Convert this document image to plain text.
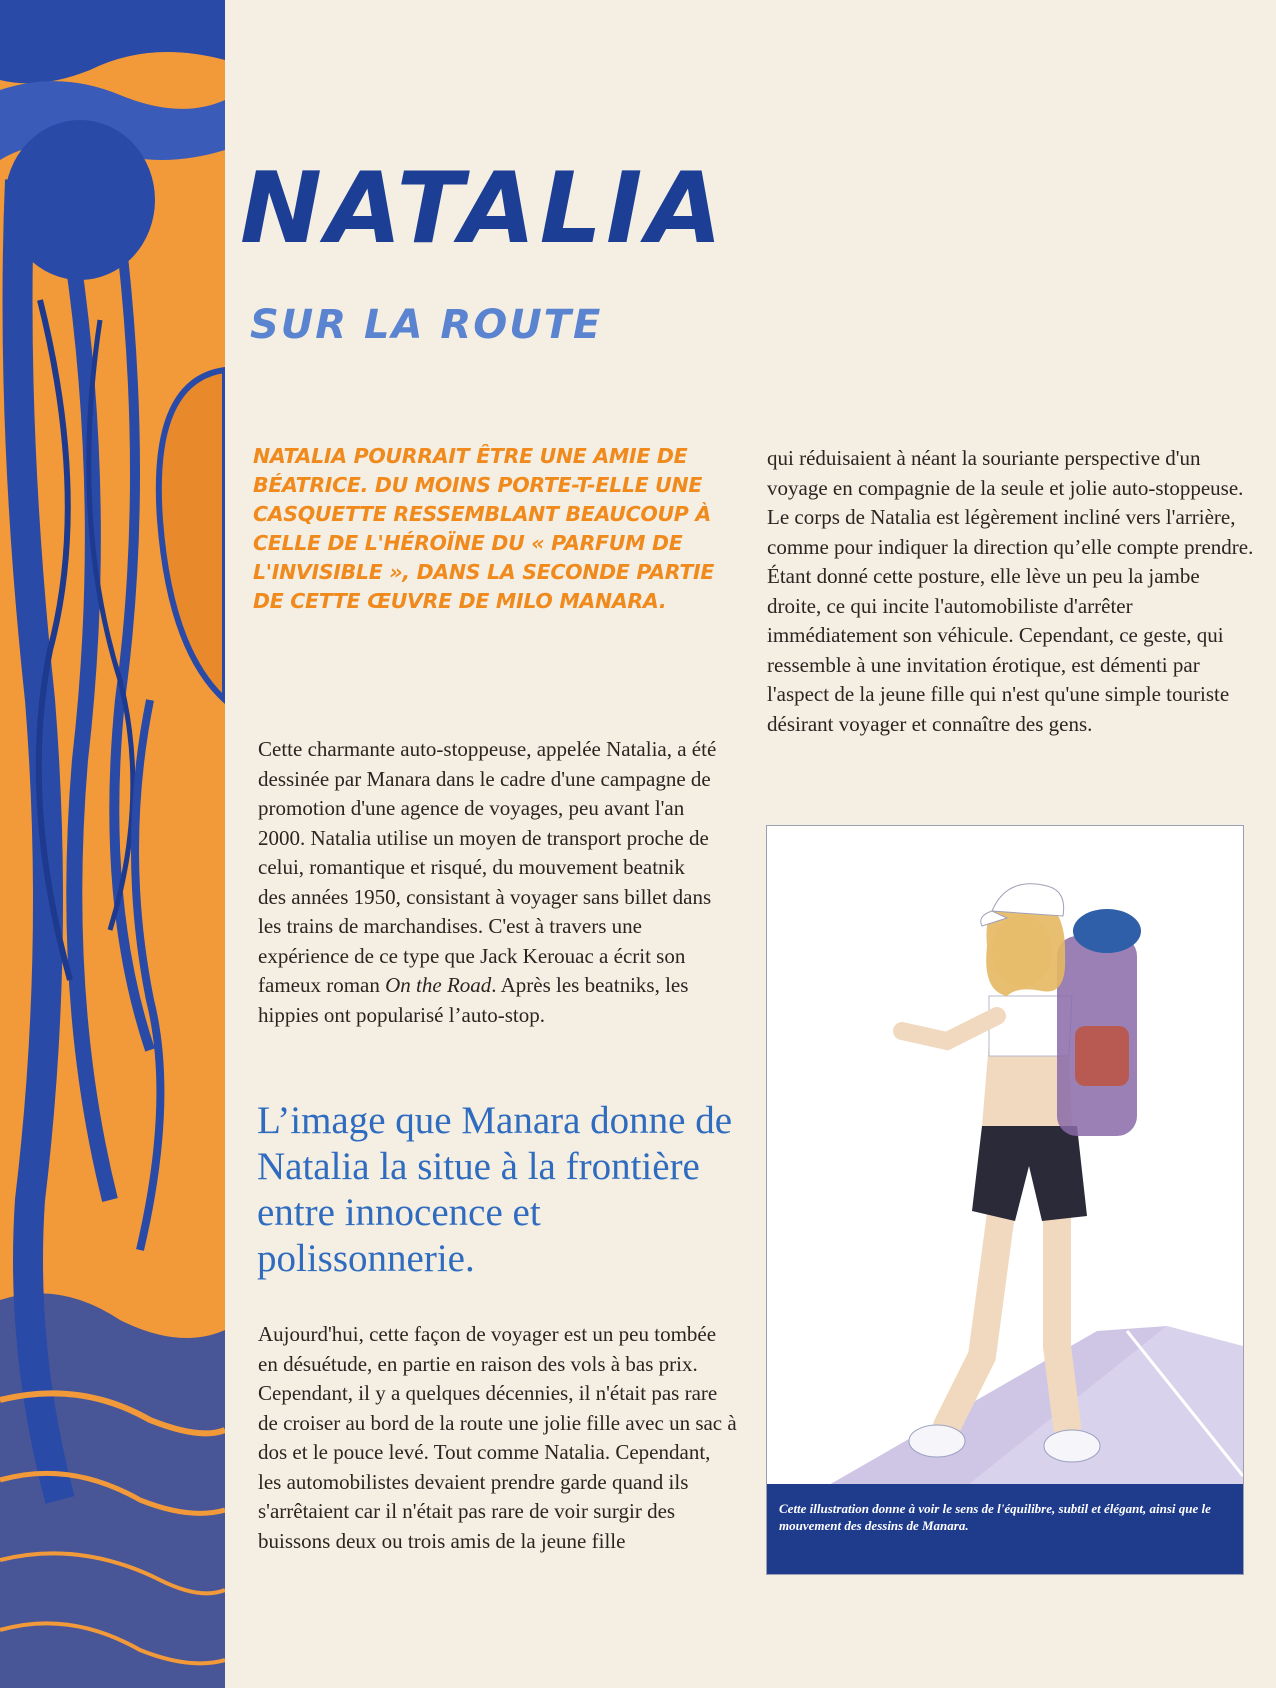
NATALIA
SUR LA ROUTE
NATALIA POURRAIT ÊTRE UNE AMIE DE BÉATRICE. DU MOINS PORTE-T-ELLE UNE CASQUETTE RESSEMBLANT BEAUCOUP À CELLE DE L'HÉROÏNE DU « PARFUM DE L'INVISIBLE », DANS LA SECONDE PARTIE DE CETTE ŒUVRE DE MILO MANARA.

Cette charmante auto-stoppeuse, appelée Natalia, a été dessinée par Manara dans le cadre d'une campagne de promotion d'une agence de voyages, peu avant l'an 2000. Natalia utilise un moyen de transport proche de celui, romantique et risqué, du mouvement beatnik des années 1950, consistant à voyager sans billet dans les trains de marchandises. C'est à travers une expérience de ce type que Jack Kerouac a écrit son fameux roman On the Road. Après les beatniks, les hippies ont popularisé l’auto-stop.

L’image que Manara donne de Natalia la situe à la frontière entre innocence et polissonnerie.

Aujourd'hui, cette façon de voyager est un peu tombée en désuétude, en partie en raison des vols à bas prix. Cependant, il y a quelques décennies, il n'était pas rare de croiser au bord de la route une jolie fille avec un sac à dos et le pouce levé. Tout comme Natalia. Cependant, les automobilistes devaient prendre garde quand ils s'arrêtaient car il n'était pas rare de voir surgir des buissons deux ou trois amis de la jeune fille

qui réduisaient à néant la souriante perspective d'un voyage en compagnie de la seule et jolie auto-stoppeuse.

Le corps de Natalia est légèrement incliné vers l'arrière, comme pour indiquer la direction qu’elle compte prendre. Étant donné cette posture, elle lève un peu la jambe droite, ce qui incite l'automobiliste d'arrêter immédiatement son véhicule. Cependant, ce geste, qui ressemble à une invitation érotique, est démenti par l'aspect de la jeune fille qui n'est qu'une simple touriste désirant voyager et connaître des gens.

Cette illustration donne à voir le sens de l'équilibre, subtil et élégant, ainsi que le mouvement des dessins de Manara.
